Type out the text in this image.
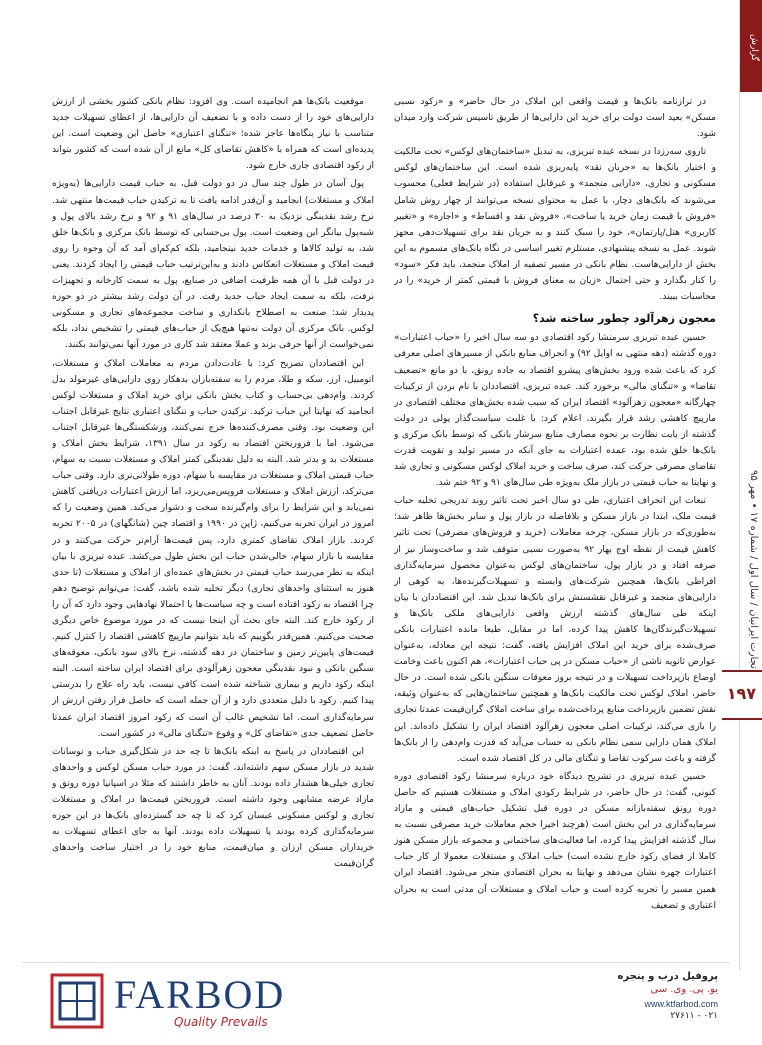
گزارش
تجارت ایرانیان / سال اول / شماره ۱۷ • مهر ۹۵
۱۹۷

در ترازنامه بانک‌ها و قیمت واقعی این املاک در حال حاضر» و «رکود نسبی مسکن» بعید است دولت برای خرید این دارایی‌ها از طریق تاسیس شرکت وارد میدان شود.

تاروی سه‌رزدا در نسخه عبده تبریزی، به تبدیل «ساختمان‌های لوکس» تحت مالکیت و اختیار بانک‌ها به «جریان نقد» پایه‌ریزی شده است. این ساختمان‌های لوکس مسکونی و تجاری، «دارایی منجمد» و غیرقابل استفاده (در شرایط فعلی) محسوب می‌شوند که بانک‌های دچار، با عمل به محتوای نسخه می‌توانند از چهار روش شامل «فروش با قیمت زمان خرید یا ساخت»، «فروش نقد و اقساط» و «اجاره» و «تغییر کاربری» هتل/پارتمان»، خود را سبک کنند و به جریان نقد برای تسهیلات‌دهی مجهز شوند. عمل به نسخه پیشنهادی، مستلزم تغییر اساسی در نگاه بانک‌های مسموم به این بخش از دارایی‌هاست. نظام بانکی در مسیر تصفیه از املاک منجمد، باید فکر «سود» را کنار بگذارد و حتی احتمال «زیان به معنای فروش با قیمتی کمتر از خرید» را در محاسبات ببیند.

معجون زهرآلود چطور ساخته شد؟

حسین عبده تبریزی سرمنشا رکود اقتصادی دو سه سال اخیر را «حباب اعتبارات» دوره گذشته (دهه منتهی به اوایل ۹۲) و انحراف منابع بانکی از مسیرهای اصلی معرفی کرد که باعث شده ورود بخش‌های پیشرو اقتصاد به جاده رونق، با دو مانع «تضعیف تقاضا» و «تنگنای مالی» برخورد کند. عبده تبریزی، اقتصاددان با نام بردن از ترکیبات چهارگانه «معجون زهرآلود» اقتصاد ایران که سبب شده بخش‌های مختلف اقتصادی در مارپیچ کاهشی رشد قرار بگیرند، اعلام کرد: با غلبت سیاست‌گذار پولی در دولت گذشته از بابت نظارت بر نحوه مصارف منابع سرشار بانکی که توسط بانک مرکزی و بانک‌ها خلق شده بود، عمده اعتبارات به جای آنکه در مسیر تولید و تقویت قدرت تقاضای مصرفی حرکت کند، صرف ساخت و خرید املاک لوکس مسکونی و تجاری شد و نهایتا به حباب قیمتی در بازار ملک به‌ویژه طی سال‌های ۹۱ و ۹۲ ختم شد.

تبعات این انحراف اعتباری، طی دو سال اخیر تحت تاثیر روند تدریجی تخلیه حباب قیمت ملک، ابتدا در بازار مسکن و بلافاصله در بازار پول و سایر بخش‌ها ظاهر شد؛ به‌طوری‌که در بازار مسکن، چرخه معاملات (خرید و فروش‌های مصرفی) تحت تاثیر کاهش قیمت از نقطه اوج بهار ۹۲ به‌صورت نسبی متوقف شد و ساخت‌وساز نیز از صرفه افتاد و در بازار پول، ساختمان‌های لوکس به‌عنوان محصول سرمایه‌گذاری افراطی بانک‌ها، همچنین شرکت‌های وابسته و تسهیلات‌گیرنده‌ها، به کوهی از دارایی‌های منجمد و غیرقابل نقشسنش برای بانک‌ها تبدیل شد. این اقتصاددان با بیان اینکه طی سال‌های گذشته ارزش واقعی دارایی‌های ملکی بانک‌ها و تسهیلات‌گیرندگان‌ها کاهش پیدا کرده، اما در مقابل، طبعا مانده اعتبارات بانکی صرف‌شده برای خرید این املاک افزایش یافته، گفت: نتیجه این معادله، به‌عنوان عوارض ثانویه ناشی از «حباب مسکن در پی حباب اعتبارات»، هم اکنون باعث وخامت اوضاع بازپرداخت تسهیلات و در نتیجه بروز معوقات سنگین بانکی شده است. در حال حاضر، املاک لوکس تحت مالکیت بانک‌ها و همچنین ساختمان‌هایی که به‌عنوان وثیقه، نقش تضمین بازپرداخت منابع پرداخت‌شده برای ساخت املاک گران‌قیمت عمدتا تجاری را بازی می‌کند، ترکیبات اصلی معجون زهرآلود اقتصاد ایران را تشکیل داده‌اند. این املاک همان دارایی سمی نظام بانکی به حساب می‌آید که قدرت وام‌دهی را از بانک‌ها گرفته و باعث سرکوب تقاضا و تنگنای مالی در کل اقتصاد شده است.

حسین عبده تبریزی در تشریح دیدگاه خود درباره سرمنشا رکود اقتصادی دوره کنونی، گفت: در حال حاضر، در شرایط رکودی املاک و مستغلات هستیم که حاصل دوره رونق سفته‌بازانه مسکن در دوره قبل تشکیل حباب‌های قیمتی و مازاد سرمایه‌گذاری در این بخش است (هرچند اخیرا حجم معاملات خرید مصرفی نسبت به سال گذشته افزایش پیدا کرده، اما فعالیت‌های ساختمانی و مجموعه بازار مسکن هنوز کاملا از فضای رکود خارج نشده است) حباب املاک و مستغلات معمولا از کار حباب اعتبارات چهره نشان می‌دهد و نهایتا به بحران اقتصادی منجر می‌شود. اقتصاد ایران همین مسیر را تجربه کرده است و حباب املاک و مستغلات آن مدتی است به بحران اعتباری و تضعیف

موقعیت بانک‌ها هم انجامیده است. وی افزود: نظام بانکی کشور بخشی از ارزش دارایی‌های خود را از دست داده و با تضعیف آن دارایی‌ها، از اعطای تسهیلات جدید متناسب با نیاز بنگاه‌ها عاجز شده؛ «تنگنای اعتباری» حاصل این وضعیت است. این پدیده‌ای است که همراه با «کاهش تقاضای کل» مانع از آن شده است که کشور بتواند از رکود اقتصادی جاری خارج شود.

پول آسان در طول چند سال در دو دولت قبل، به حباب قیمت دارایی‌ها (به‌ویژه املاک و مستغلات) انجامید و آن‌قدر ادامه یافت تا به ترکیدن حباب قیمت‌ها منتهی شد. نرخ رشد نقدینگی نزدیک به ۳۰ درصد در سال‌های ۹۱ و ۹۲ و نرخ رشد بالای پول و شبه‌پول بیانگر این وضعیت است. پول بی‌حسابی که توسط بانک مرکزی و بانک‌ها خلق شد، به تولید کالاها و خدمات جدید نینجامید، بلکه کم‌کم‌ای آمد که آن وجوه را روی قیمت املاک و مستغلات انعکاس دادند و به‌این‌ترتیب حباب قیمتی را ایجاد کردند. یعنی در دولت قبل با آن همه ظرفیت اضافی در صنایع، پول به سمت کارخانه و تجهیزات نرفت، بلکه به سمت ایجاد حباب جدید رفت. در آن دولت رشد بیشتر در دو حوزه پدیدار شد: صنعت به اصطلاح بانکداری و ساخت مجموعه‌های تجاری و مسکونی لوکس. بانک مرکزی آن دولت نه‌تنها هیچ‌یک از حباب‌های قیمتی را تشخیص نداد، بلکه نمی‌خواست از آنها حرفی بزند و عملا معتقد شد کاری در مورد آنها نمی‌توانند بکنند.

این اقتصاددان تصریح کرد: با عادت‌دادن مردم به معاملات املاک و مستغلات، اتومبیل، ارز، سکه و طلا، مردم را به سفته‌بازان بدهکار روی دارایی‌های غیرمولد بدل کردند. وام‌دهی بی‌حساب و کتاب بخش بانکی برای خرید املاک و مستغلات لوکس انجامید که نهایتا این حباب ترکید. ترکیدن حباب و تنگنای اعتباری نتایج غیرقابل اجتناب این وضعیت بود. وقتی مصرف‌کننده‌ها خرج نمی‌کنند، ورشکستگی‌ها غیرقابل اجتناب می‌شود. اما با فروریختن اقتصاد به رکود در سال ۱۳۹۱، شرایط بخش املاک و مستغلات بد و بدتر شد. البته به دلیل نقدینگی کمتر املاک و مستغلات نسبت به سهام، حباب قیمتی املاک و مستغلات در مقایسه با سهام، دوره طولانی‌تری دارد. وقتی حباب می‌ترکد، ارزش املاک و مستغلات فروپس‌می‌ریزد، اما ارزش اعتبارات دریافتی کاهش نمی‌یابد و این شرایط را برای وام‌گیرنده سخت و دشوار می‌کند. همین وضعیت را که امروز در ایران تجربه می‌کنیم، ژاپن در ۱۹۹۰ و اقتصاد چین (شانگهای) در ۲۰۰۵ تجربه کردند. بازار املاک تقاضای کمتری دارد، پس قیمت‌ها آرام‌تر حرکت می‌کنند و در مقایسه با بازار سهام، خالی‌شدن حباب این بخش طول می‌کشد. عبده تبریزی با بیان اینکه به نظر می‌رسد حباب قیمتی در بخش‌های عمده‌ای از املاک و مستغلات (تا حدی هنوز به استثنای واحدهای تجاری) دیگر تخلیه شده باشد، گفت: می‌توانم توضیح دهم چرا اقتصاد به رکود افتاده است و چه سیاست‌ها یا احتمالا نهادهایی وجود دارد که آن را از رکود خارج کند. البته جای بحث آن اینجا نیست که در مورد موضوع خاص دیگری صحبت می‌کنیم. همین‌قدر بگوییم که باید بتوانیم مارپیچ کاهشی اقتصاد را کنترل کنیم. قیمت‌های پایین‌تر زمین و ساختمان در دهه گذشته، نرخ بالای سود بانکی، معوقه‌های سنگین بانکی و نبود نقدینگی معجون زهرآلودی برای اقتصاد ایران ساخته است. البته اینکه رکود داریم و بیماری شناخته شده است کافی نیست، باید راه علاج را بدرستی پیدا کنیم. رکود با دلیل متعددی دارد و از آن جمله است که حاصل فرار رفتن ارزش از سرمایه‌گذاری است. اما تشخیص غالب آن است که رکود امروز اقتصاد ایران عمدتا حاصل تضعیف جدی «تقاضای کل» و وقوع «تنگنای مالی» در کشور است.

این اقتصاددان در پاسخ به اینکه بانک‌ها تا چه حد در شکل‌گیری حباب و نوسانات شدید در بازار مسکن سهم داشته‌اند، گفت: در مورد حباب مسکن لوکس و واحدهای تجاری خیلی‌ها هشدار داده بودند. آنان به خاطر داشتند که مثلا در اسپانیا دوره رونق و مازاد عرضه مشابهی وجود داشته است. فروریختن قیمت‌ها در املاک و مستغلات تجاری و لوکس مسکونی عیسان کرد که تا چه حد گسترده‌ای بانک‌ها در این حوزه سرمایه‌گذاری کرده بودند یا تسهیلات داده بودند. آنها به جای اعطای تسهیلات به خریداران مسکن ارزان و میان‌قیمت، منابع خود را در اختیار ساخت واحدهای گران‌قیمت

FARBOD
Quality Prevails
پروفیل درب و پنجره
یو. پی. وی. سی
www.ktfarbod.com
۰۲۱ - ۲۷۶۱۱
